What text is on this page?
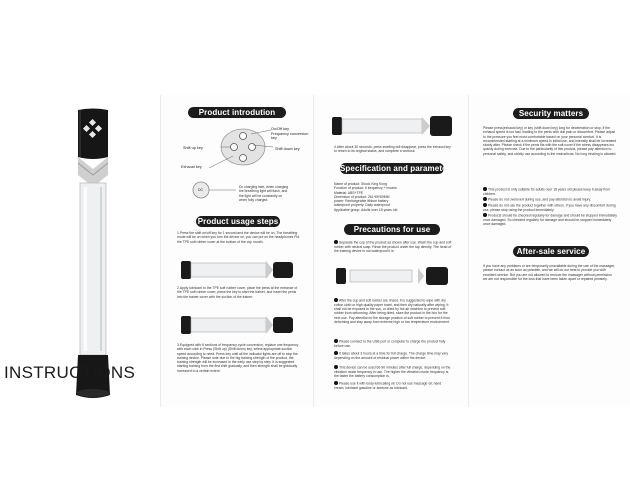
INSTRUCTIONS
Product introdution
On/Off key
Frequency conversion key
Shift up key	Shift down key
Exhaust key
DC
Dc charging inlet, when charging the breathing light will flash, and the light will be constantly on when fully charged.
Product usage steps
1.Press the shift on/off key for 1 second and the device will be on. The breathing mode will be on when you turn the device on, you can put on the headphones Put the TPE soft rubber cover at the bottom of the cup mouth.
2.Apply lubricant to the TPE soft rubber cover, place the penis at the entrance of the TPE soft rubber cover, press the key to start the trainer, and insert the penis into the trainer cover with the suction of the trainer.
3.Equipped with 6 sections of frequency cycle conversion, replace one frequency with each click in Press (Shift up) (Shift down) key, select appropriate suction speed according to need. Press key until all the indicator lights are off to stop the training device. Please note due to the big training strength of the product, the training strength will be increased in the early use step by step. It is suggested starting training from the first shift gradually, and then strength shall be gradually increased to a certain extent.
4.After about 30 seconds, penis swelling will disappear, press the exhaust key to return to its original status, and complete a workout.
Specification and parameters
Name of product: Shock King Kong
Function of product: 6 frequency + moans
Material: ABS+TPE
Dimension of product: 261*69*69MM
power: Rechargeable lithium battery
waterproof property: Daily waterproof
Applicable group: Adults over 18 years old
Precautions for use
Separate the cup of the product as shown after use. Wash the cup and soft rubber with neutral soap. Rinse the product under the tap directly. The head of the training device is not waterproof it is.
After the cup and soft rubber are rinsed, it is suggested to wipe with dry cotton cloth or high quality paper towel, and then dry naturally after wiping. It shall not be exposed to the sun, or dried by hot air machine to prevent soft rubber from deforming. After being dried, store the product in the box for the next use. Pay attention to the storage position of soft rubber to prevent it from deforming and stay away from extreme high or low temperature environment.
Please connect to the USB port or computer to charge the product fully before use.
It takes about 3 hours at a time for full charge. The charge time may vary depending on the amount of residual power within the device.
This device can be used 60-90 minutes after full charge, depending on the vibration mode frequency in use. The higher the vibration mode frequency is, the faster the battery consumption is.
Please use it with body lubricating oil. Do not use massage oil, hand cream, lubricant gasoline or acetone as lubricant.
Security matters
Please press(exhaust key) or key (shift down key) long for deceleration or stop, if the exhaust speed is too fast, leading to the penis with dull pain or discomfort. Please adjust to the pressure you feel most comfortable based on your personal comfort. It is recommended starting at a minimum speed in initial use, and intensity shall be increased slowly after. Please check if the penis fits with the soft cover if the stress disappears too quickly during exercise. Due to the particularity of this product, please pay attention to personal safety, and strictly use according to the instructions. No long inhaling is allowed.
This product is only suitable for adults over 18 years old please keep it away from children.
Please do not overexert during use, and pay attention to avoid injury.
Please do not use the product together with others. If you have any discomfort during use, please stop using the product immediately.
Products should be checked regularly for damage and should be stopped immediately once damaged. So checked regularly for damage and should be stopped immediately once damaged.
After-sale service
If you have any problems or are temporarily unavailable during the use of the massager, please contact us as soon as possible, and we will do our best to provide you with excellent service. But you are not allowed to remove the massager without permission we are not responsible for the loss that have been taken apart or repaired privately.
